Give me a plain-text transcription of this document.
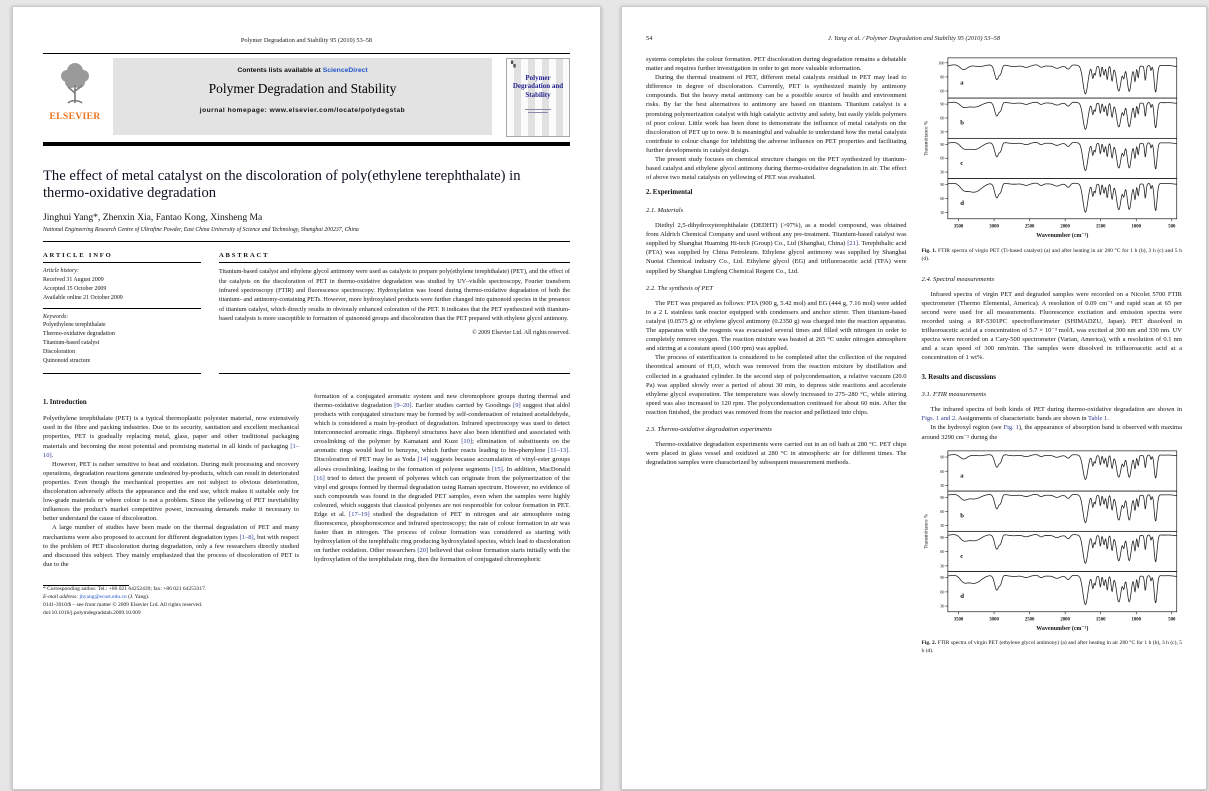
Polymer Degradation and Stability 95 (2010) 53–58
ELSEVIER
Contents lists available at ScienceDirect
Polymer Degradation and Stability
journal homepage: www.elsevier.com/locate/polydegstab
▚
Polymer Degradation and Stability
The effect of metal catalyst on the discoloration of poly(ethylene terephthalate) in thermo-oxidative degradation
Jinghui Yang*, Zhenxin Xia, Fantao Kong, Xinsheng Ma
National Engineering Research Centre of Ultrafine Powder, East China University of Science and Technology, Shanghai 200237, China
ARTICLE INFO
Article history:
Received 31 August 2009
Accepted 15 October 2009
Available online 21 October 2009
Keywords:
Polyethylene terephthalate
Thermo-oxidative degradation
Titanium-based catalyst
Discoloration
Quinonoid structure
ABSTRACT
Titanium-based catalyst and ethylene glycol antimony were used as catalysts to prepare poly(ethylene terephthalate) (PET), and the effect of the catalysts on the discoloration of PET in thermo-oxidative degradation was studied by UV–visible spectroscopy, Fourier transform infrared spectroscopy (FTIR) and fluorescence spectroscopy. Hydroxylation was found during thermo-oxidative degradation of both the titanium- and antinomy-containing PETs. However, more hydroxylated products were further changed into quinonoid species in the presence of titanium catalyst, which directly results in obviously enhanced coloration of the PET. It indicates that the PET synthesized with titanium-based catalysts is more susceptible to formation of quinonoid groups and discoloration than the PET prepared with ethylene glycol antimony.
© 2009 Elsevier Ltd. All rights reserved.
1. Introduction

Polyethylene terephthalate (PET) is a typical thermoplastic polyester material, now extensively used in the fibre and packing industries. Due to its security, sanitation and excellent mechanical properties, PET is gradually replacing metal, glass, paper and other traditional packaging materials and becoming the most potential and promising material in all kinds of packaging [1–10].

However, PET is rather sensitive to heat and oxidation. During melt processing and recovery operations, degradation reactions generate undesired by-products, which can result in deteriorated properties. Even though the mechanical properties are not subject to obvious deterioration, discoloration adversely affects the appearance and the end use, which makes it suitable only for low-grade materials or where colour is not a problem. Since the yellowing of PET inevitability influences the product's market competitive power, increasing demands make it necessary to better understand the cause of discoloration.

A large number of studies have been made on the thermal degradation of PET and many mechanisms were also proposed to account for different degradation types [1–8], but with respect to the problem of PET discoloration during degradation, only a few researchers directly studied and discussed this subject. They mainly emphasized that the process of discoloration of PET is due to the

* Corresponding author. Tel.: +86 021 64252439; fax: +86 021 64253317.

E-mail address: jhyang@ecust.edu.cn (J. Yang).

0141-3910/$ – see front matter © 2009 Elsevier Ltd. All rights reserved.
doi:10.1016/j.polymdegradstab.2009.10.009

formation of a conjugated aromatic system and new chromophore groups during thermal and thermo-oxidative degradation [9–20]. Earlier studies carried by Goodings [9] suggest that aldol products with conjugated structure may be formed by self-condensation of retained acetaldehyde, which is considered a main by-product of degradation. Infrared spectroscopy was used to detect interconnected aromatic rings. Biphenyl structures have also been identified and associated with crosslinking of the polymer by Kamatani and Kuze [10]; elimination of substituents on the aromatic rings would lead to benzyne, which further reacts leading to bis-phenylene [11–13]. Discoloration of PET may be as Yoda [14] suggests because accumulation of vinyl-ester groups allows crosslinking, leading to the formation of polyene segments [15]. In addition, MacDonald [16] tried to detect the present of polyenes which can originate from the polymerization of the vinyl end groups formed by thermal degradation using Raman spectrum. However, no evidence of such compounds was found in the degraded PET samples, even when the samples were highly coloured, which suggests that classical polyenes are not responsible for colour formation in PET. Edge et al. [17–19] studied the degradation of PET in nitrogen and air atmosphere using fluorescence, phosphorescence and infrared spectroscopy; the rate of colour formation in air was faster than in nitrogen. The process of colour formation was considered as starting with hydroxylation of the terephthalic ring producing hydroxylated species, which lead to discoloration on further oxidation. Other researchers [20] believed that colour formation starts initially with the hydroxylation of the terephthalate ring, then the formation of conjugated chromophoric

54	J. Yang et al. / Polymer Degradation and Stability 95 (2010) 53–58

systems completes the colour formation. PET discoloration during degradation remains a debatable matter and requires further investigation in order to get more valuable information.

During the thermal treatment of PET, different metal catalysts residual in PET may lead to difference in degree of discoloration. Currently, PET is synthesized mainly by antimony compounds. But the heavy metal antimony can be a possible source of health and environment risks. By far the best alternatives to antimony are based on titanium. Titanium catalyst is a promising polymerization catalyst with high catalytic activity and safety, but easily yields polymers of poor colour. Little work has been done to demonstrate the influence of metal catalysts on the discoloration of PET up to now. It is meaningful and valuable to understand how the metal catalysts contribute to colour change for inhibiting the adverse influence on PET properties and facilitating further developments in catalyst design.

The present study focuses on chemical structure changes on the PET synthesized by titanium-based catalyst and ethylene glycol antimony during thermo-oxidative degradation in air. The effect of above two metal catalysts on yellowing of PET was evaluated.

2. Experimental
2.1. Materials

Diethyl 2,5-dihydroxyterephthalate (DEDHT) (>97%), as a model compound, was obtained from Aldrich Chemical Company and used without any pre-treatment. Titanium-based catalyst was supplied by Shanghai Huaming Hi-tech (Group) Co., Ltd (Shanghai, China) [21]. Terephthalic acid (PTA) was supplied by China Petroleum. Ethylene glycol antimony was supplied by Shanghai Nuotai Chemical industry Co., Ltd. Ethylene glycol (EG) and trifluoroacetic acid (TFA) were supplied by Shanghai Lingfeng Chemical Regent Co., Ltd.

2.2. The synthesis of PET

The PET was prepared as follows: PTA (900 g, 5.42 mol) and EG (444 g, 7.16 mol) were added to a 2 L stainless tank reactor equipped with condensers and anchor stirrer. Then titanium-based catalyst (0.0575 g) or ethylene glycol antimony (0.2350 g) was charged into the reaction apparatus. The apparatus with the reagents was evacuated several times and filled with nitrogen in order to completely remove oxygen. The reaction mixture was heated at 265 °C under nitrogen atmosphere and stirring at a constant speed (100 rpm) was applied.

The process of esterification is considered to be completed after the collection of the required theoretical amount of H₂O, which was removed from the reaction mixture by distillation and collected in a graduated cylinder. In the second step of polycondensation, a relative vacuum (20.0 Pa) was applied slowly over a period of about 30 min, to depress side reactions and accelerate ethylene glycol evaporation. The temperature was slowly increased to 275–280 °C, while stirring speed was also increased to 120 rpm. The polycondensation continued for about 60 min. After the reaction finished, the product was removed from the reactor and pelletized into chips.

2.3. Thermo-oxidative degradation experiments

Thermo-oxidative degradation experiments were carried out in an oil bath at 280 °C. PET chips were placed in glass vessel and oxidized at 280 °C in atmospheric air for different times. The degradation samples were characterized by subsequent measurement methods.

100
80
60
a
90
60
30
b
90
60
30
c
90
60
30
d
3500	3000	2500	2000	1500	1000	500
Wavenumber (cm⁻¹)
Transmittance %
Fig. 1. FTIR spectra of virgin PET (Ti-based catalyst) (a) and after heating in air 280 °C for 1 h (b), 3 h (c) and 5 h (d).
2.4. Spectral measurements

Infrared spectra of virgin PET and degraded samples were recorded on a Nicolet 5700 FTIR spectrometer (Thermo Elemental, America). A resolution of 0.09 cm⁻¹ and rapid scan at 65 per second were used for all measurements. Fluorescence excitation and emission spectra were recorded using a RF-5301PC spectrofluorimeter (SHIMADZU, Japan). PET dissolved in trifluoroacetic acid at a concentration of 5.7 × 10⁻³ mol/L was excited at 300 nm and 330 nm. UV spectra were recorded on a Cary-500 spectrometer (Varian, America), with a resolution of 0.1 nm and a scan speed of 300 nm/min. The samples were dissolved in trifluoroacetic acid at a concentration of 1 wt%.

3. Results and discussions
3.1. FTIR measurements

The infrared spectra of both kinds of PET during thermo-oxidative degradation are shown in Figs. 1 and 2. Assignments of characteristic bands are shown in Table 1.

In the hydroxyl region (see Fig. 1), the appearance of absorption band is observed with maxima around 3290 cm⁻¹ during the

90
60
30
a
90
60
30
b
90
60
30
c
90
60
30
d
3500	3000	2500	2000	1500	1000	500
Wavenumber (cm⁻¹)
Transmittance %
Fig. 2. FTIR spectra of virgin PET (ethylene glycol antimony) (a) and after heating in air 280 °C for 1 h (b), 3 h (c), 5 h (d).
